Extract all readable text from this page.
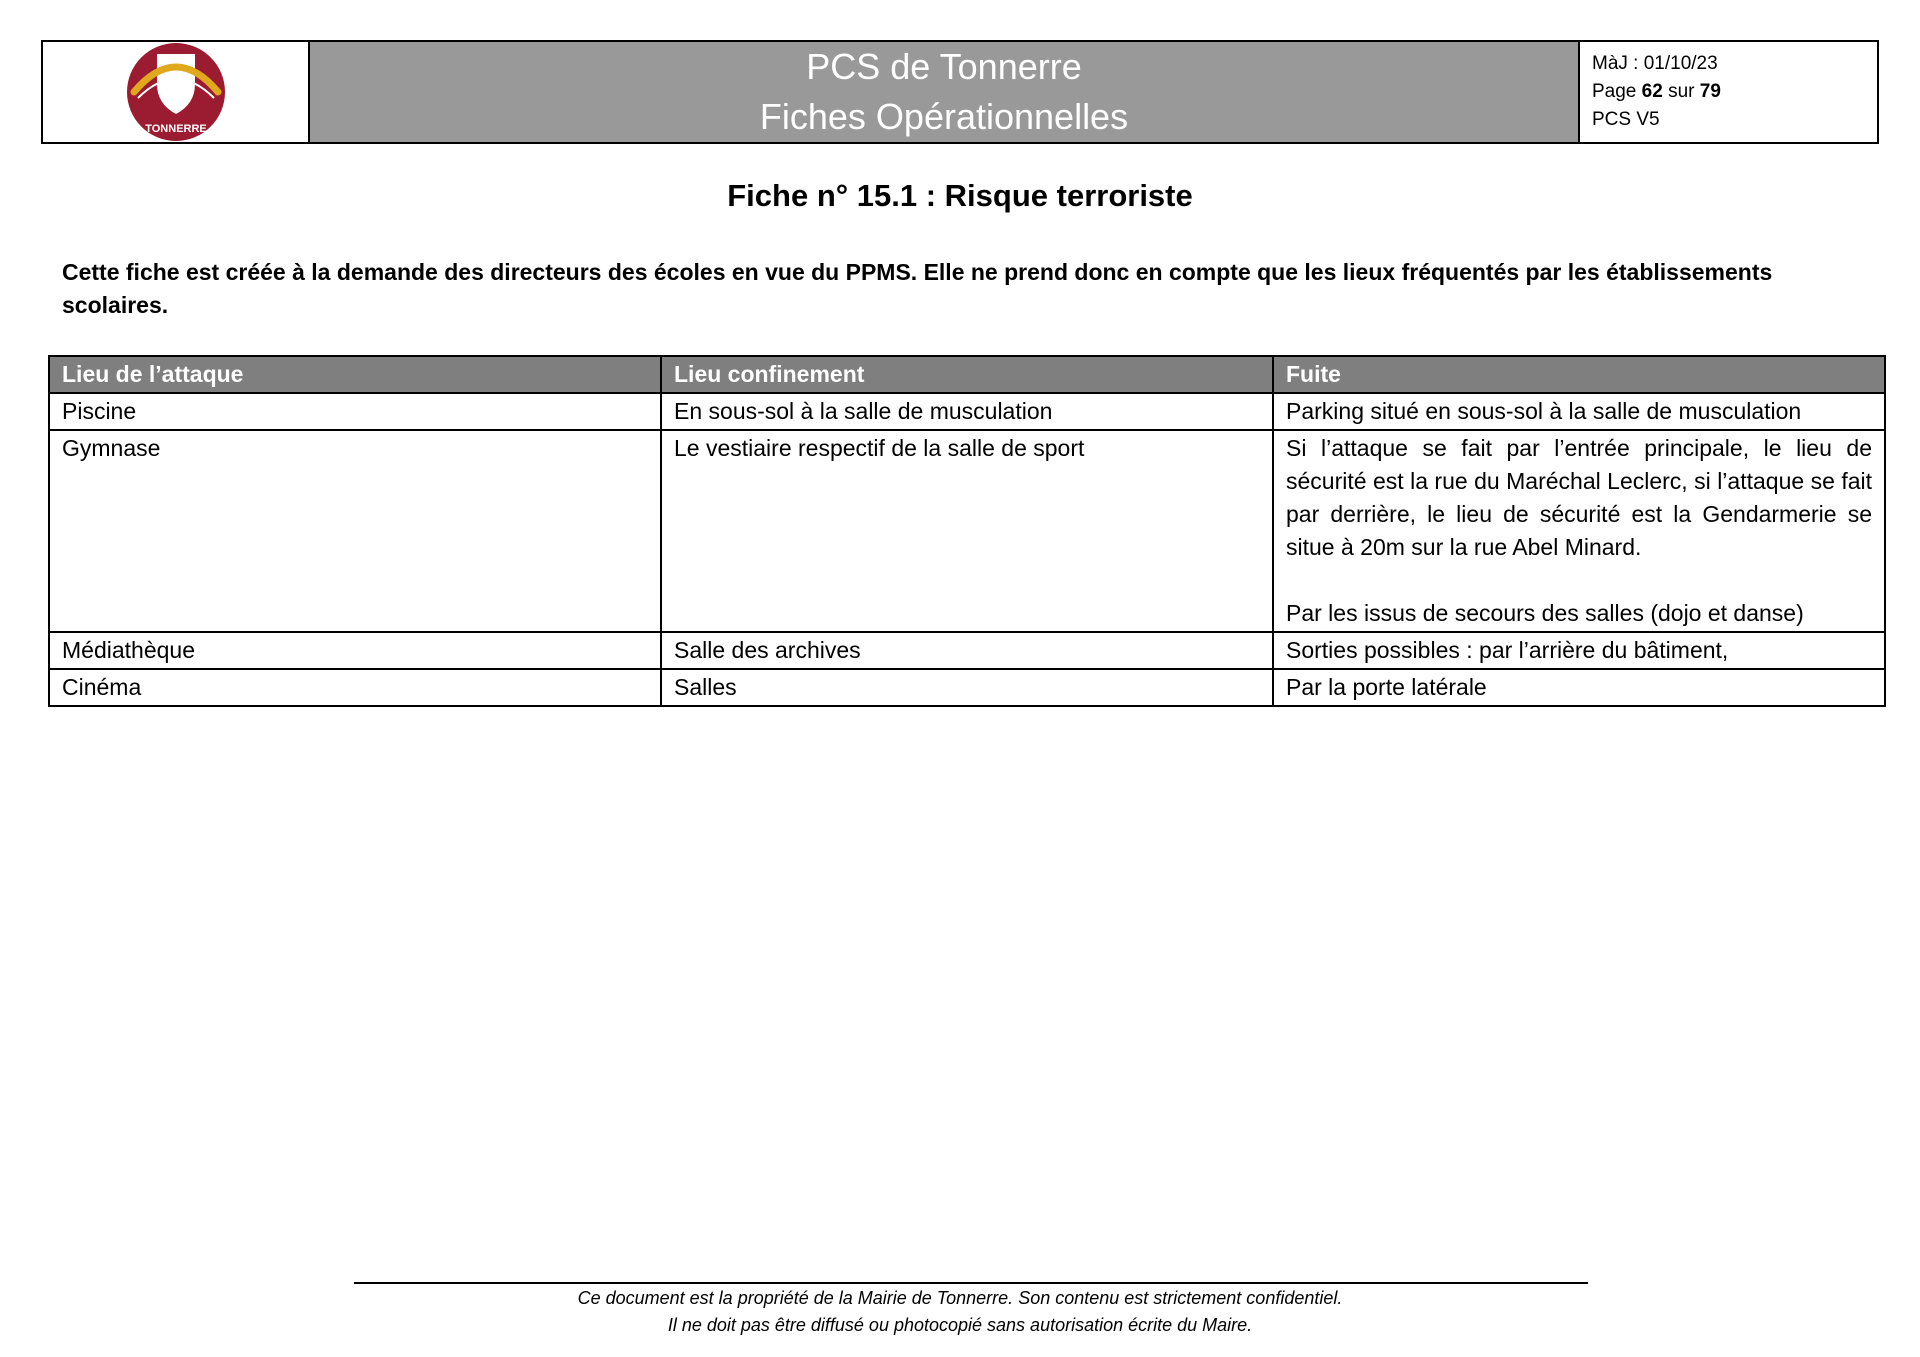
TONNERRE
PCS de Tonnerre
Fiches Opérationnelles
MàJ : 01/10/23
Page 62 sur 79
PCS V5
Fiche n° 15.1 : Risque terroriste
Cette fiche est créée à la demande des directeurs des écoles en vue du PPMS. Elle ne prend donc en compte que les lieux fréquentés par les établissements scolaires.
Lieu de l’attaque	Lieu confinement	Fuite
Piscine	En sous-sol à la salle de musculation	Parking situé en sous-sol à la salle de musculation
Gymnase	Le vestiaire respectif de la salle de sport	Si l’attaque se fait par l’entrée principale, le lieu de sécurité est la rue du Maréchal Leclerc, si l’attaque se fait par derrière, le lieu de sécurité est la Gendarmerie se situe à 20m sur la rue Abel Minard.
Par les issus de secours des salles (dojo et danse)

Médiathèque	Salle des archives	Sorties possibles : par l’arrière du bâtiment,
Cinéma	Salles	Par la porte latérale
Ce document est la propriété de la Mairie de Tonnerre. Son contenu est strictement confidentiel.
Il ne doit pas être diffusé ou photocopié sans autorisation écrite du Maire.
